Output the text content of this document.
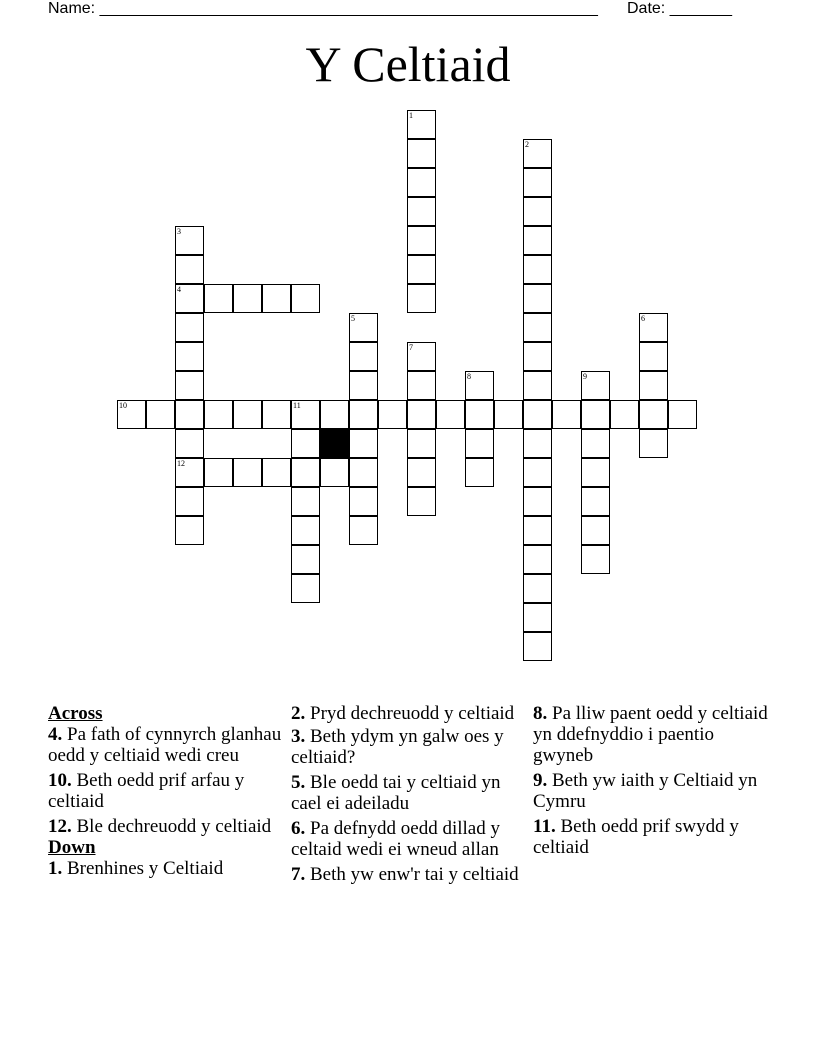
Name: ________________________________________________________ Date: _______
Y Celtiaid
1
2
3
4
12
5	6
7
8	9
10	11
Across
4. Pa fath of cynnyrch glanhau oedd y celtiaid wedi creu
10. Beth oedd prif arfau y celtiaid
12. Ble dechreuodd y celtiaid
Down
1. Brenhines y Celtiaid
2. Pryd dechreuodd y celtiaid
3. Beth ydym yn galw oes y celtiaid?
5. Ble oedd tai y celtiaid yn cael ei adeiladu
6. Pa defnydd oedd dillad y celtaid wedi ei wneud allan
7. Beth yw enw'r tai y celtiaid
8. Pa lliw paent oedd y celtiaid yn ddefnyddio i paentio gwyneb
9. Beth yw iaith y Celtiaid yn Cymru
11. Beth oedd prif swydd y celtiaid
